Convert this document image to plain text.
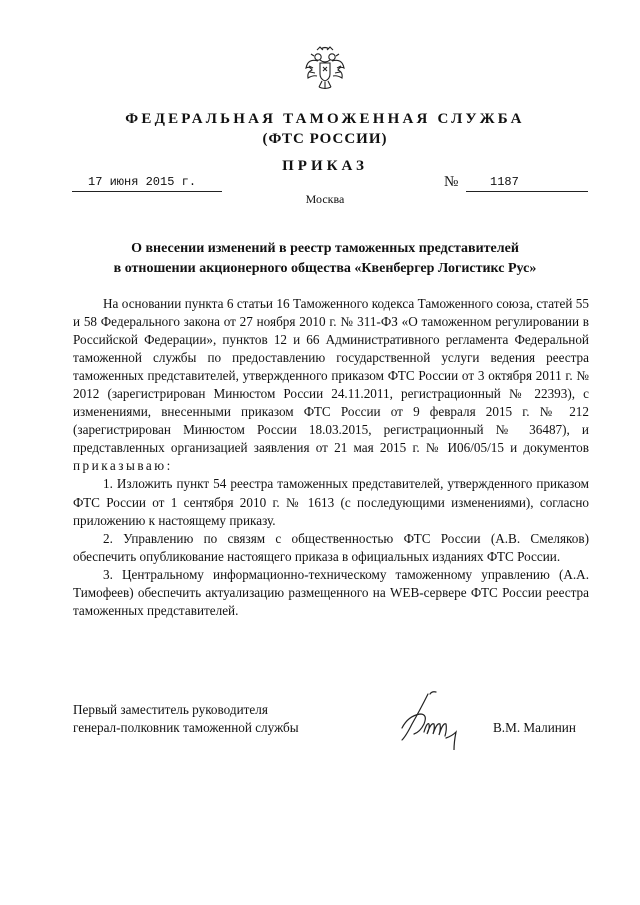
ФЕДЕРАЛЬНАЯ ТАМОЖЕННАЯ СЛУЖБА
(ФТС РОССИИ)
ПРИКАЗ
17 июня 2015 г.	№	1187
Москва
О внесении изменений в реестр таможенных представителей
в отношении акционерного общества «Квенбергер Логистикс Рус»

На основании пункта 6 статьи 16 Таможенного кодекса Таможенного союза, статей 55 и 58 Федерального закона от 27 ноября 2010 г. № 311-ФЗ «О таможенном регулировании в Российской Федерации», пунктов 12 и 66 Административного регламента Федеральной таможенной службы по предоставлению государственной услуги ведения реестра таможенных представителей, утвержденного приказом ФТС России от 3 октября 2011 г. № 2012 (зарегистрирован Минюстом России 24.11.2011, регистрационный № 22393), с изменениями, внесенными приказом ФТС России от 9 февраля 2015 г. № 212 (зарегистрирован Минюстом России 18.03.2015, регистрационный № 36487), и представленных организацией заявления от 21 мая 2015 г. № И06/05/15 и документов приказываю:

1. Изложить пункт 54 реестра таможенных представителей, утвержденного приказом ФТС России от 1 сентября 2010 г. № 1613 (с последующими изменениями), согласно приложению к настоящему приказу.

2. Управлению по связям с общественностью ФТС России (А.В. Смеляков) обеспечить опубликование настоящего приказа в официальных изданиях ФТС России.

3. Центральному информационно-техническому таможенному управлению (А.А. Тимофеев) обеспечить актуализацию размещенного на WEB-сервере ФТС России реестра таможенных представителей.

Первый заместитель руководителя
генерал-полковник таможенной службы	В.М. Малинин
